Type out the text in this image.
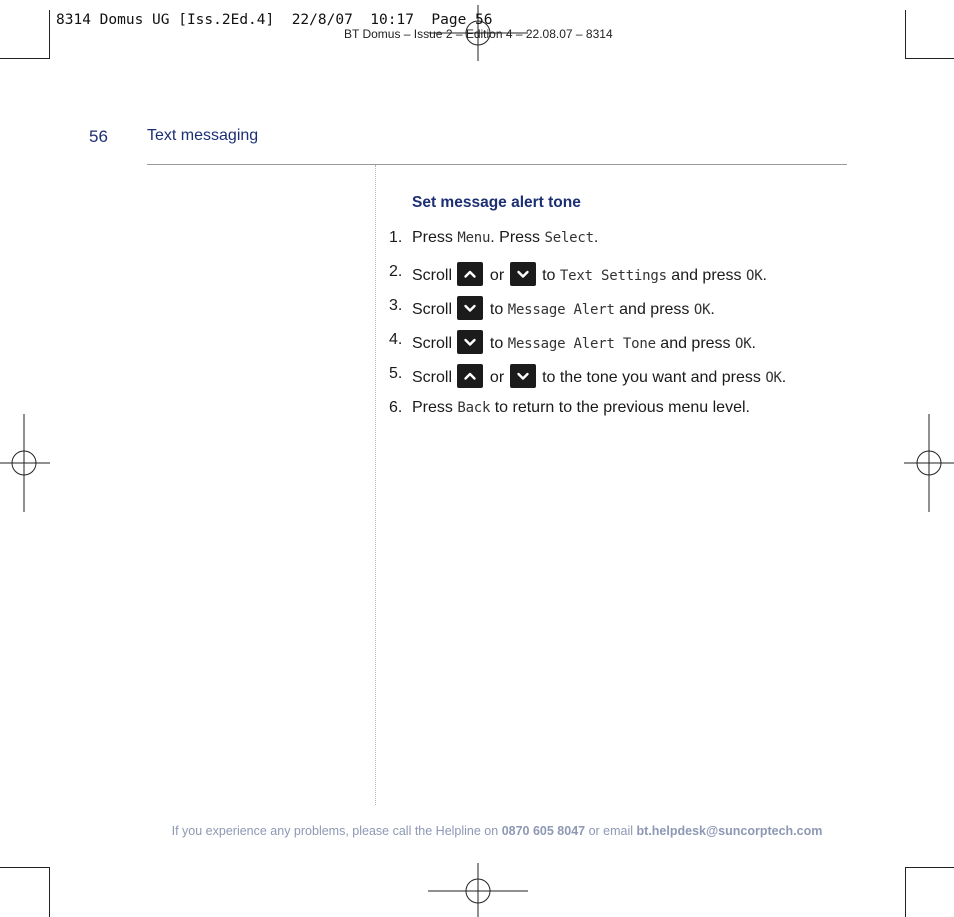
8314 Domus UG [Iss.2Ed.4]  22/8/07  10:17  Page 56
BT Domus – Issue 2 – Edition 4 – 22.08.07 – 8314
56 Text messaging
Set message alert tone
1. Press Menu. Press Select.
2. Scroll or to Text Settings and press OK.
3. Scroll to Message Alert and press OK.
4. Scroll to Message Alert Tone and press OK.
5. Scroll or to the tone you want and press OK.
6. Press Back to return to the previous menu level.
If you experience any problems, please call the Helpline on 0870 605 8047 or email bt.helpdesk@suncorptech.com
